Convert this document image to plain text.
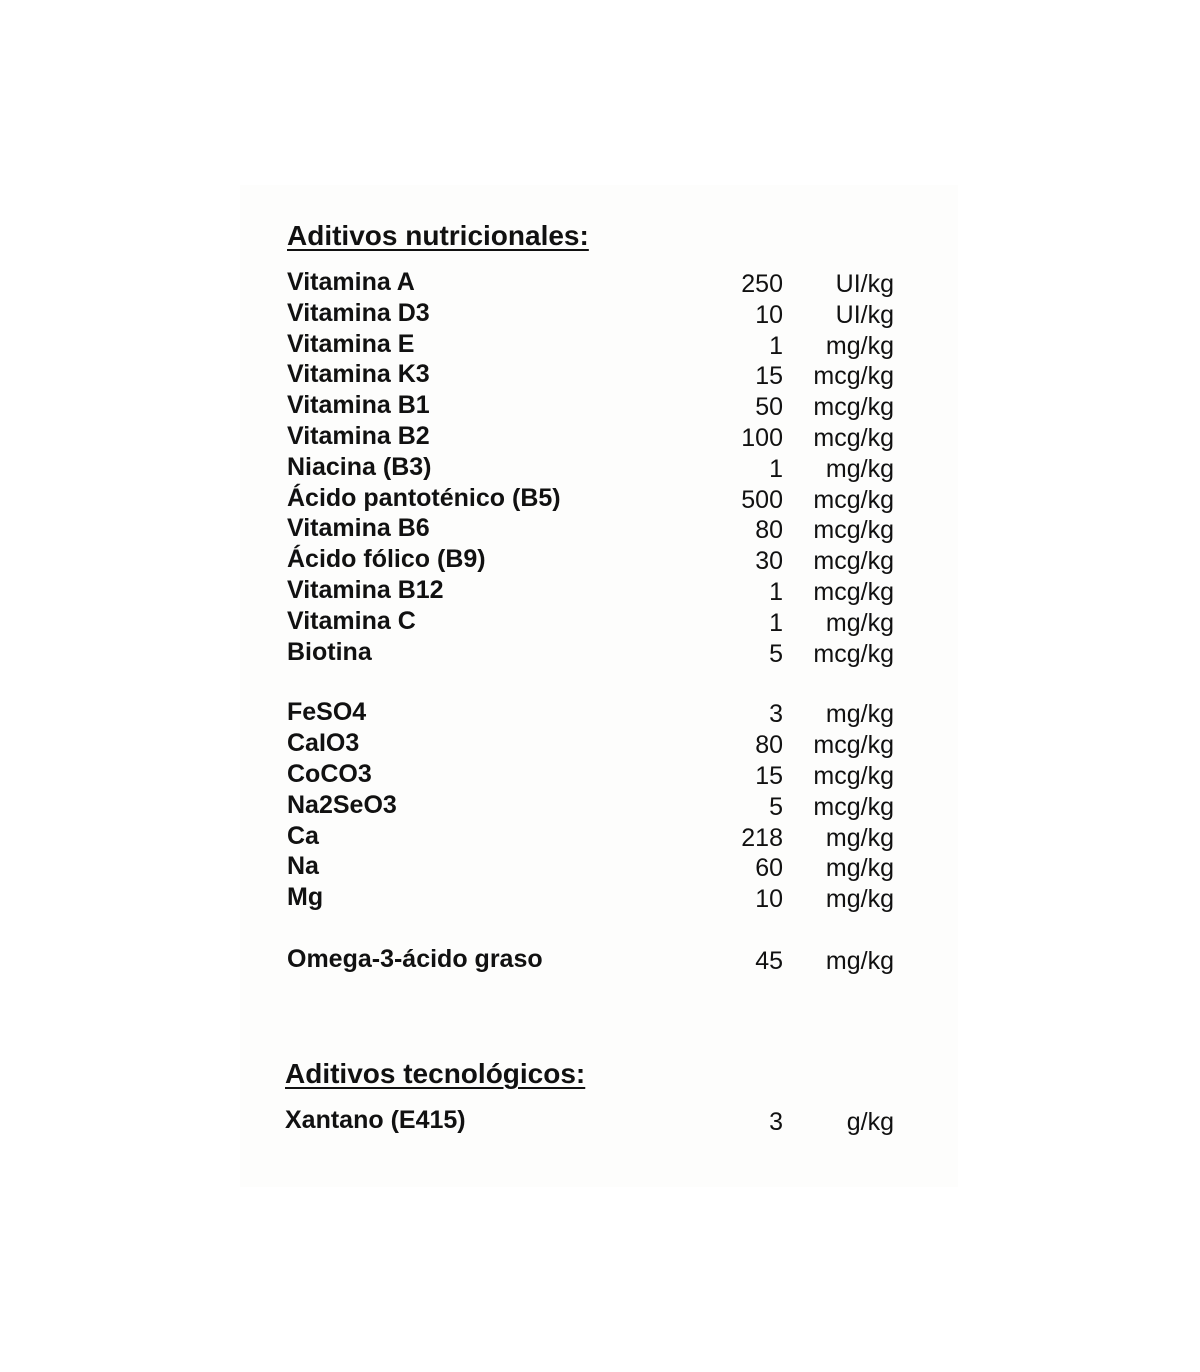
Aditivos nutricionales:
Vitamina A	250 UI/kg
Vitamina D3	10 UI/kg
Vitamina E	1 mg/kg
Vitamina K3	15 mcg/kg
Vitamina B1	50 mcg/kg
Vitamina B2	100 mcg/kg
Niacina (B3)	1 mg/kg
Ácido pantoténico (B5)	500 mcg/kg
Vitamina B6	80 mcg/kg
Ácido fólico (B9)	30 mcg/kg
Vitamina B12	1 mcg/kg
Vitamina C	1 mg/kg
Biotina	5 mcg/kg
FeSO4	3 mg/kg
CaIO3	80 mcg/kg
CoCO3	15 mcg/kg
Na2SeO3	5 mcg/kg
Ca	218 mg/kg
Na	60 mg/kg
Mg	10 mg/kg
Omega-3-ácido graso	45 mg/kg
Aditivos tecnológicos:
Xantano (E415)	3	g/kg
